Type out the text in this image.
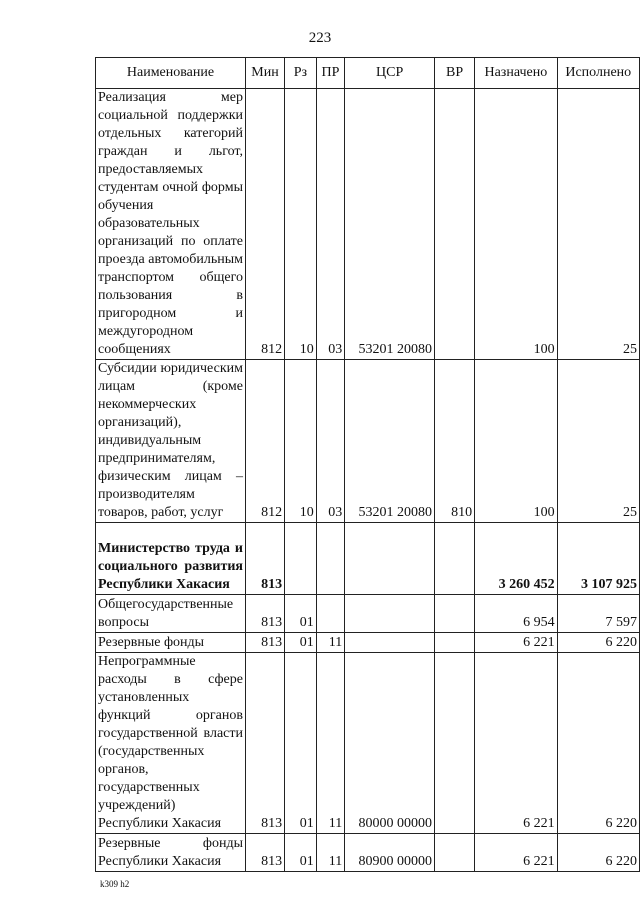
223
Наименование	Мин	Рз	ПР	ЦСР	ВР	Назначено	Исполнено
Реализация мер социальной поддержки отдельных категорий граждан и льгот, предоставляемых студентам очной формы обучения образовательных организаций по оплате проезда автомобильным транспортом общего пользования в пригородном и междугородном сообщениях	812	10	03	53201 20080		100	25
Субсидии юридическим лицам (кроме некоммерческих организаций), индивидуальным предпринимателям, физическим лицам – производителям товаров, работ, услуг	812	10	03	53201 20080	810	100	25
Министерство труда и социального развития Республики Хакасия	813					3 260 452	3 107 925
Общегосударственные вопросы	813	01				6 954	7 597
Резервные фонды	813	01	11			6 221	6 220
Непрограммные расходы в сфере установленных функций органов государственной власти (государственных органов, государственных учреждений) Республики Хакасия	813	01	11	80000 00000		6 221	6 220
Резервные фонды Республики Хакасия	813	01	11	80900 00000		6 221	6 220
k309 h2
